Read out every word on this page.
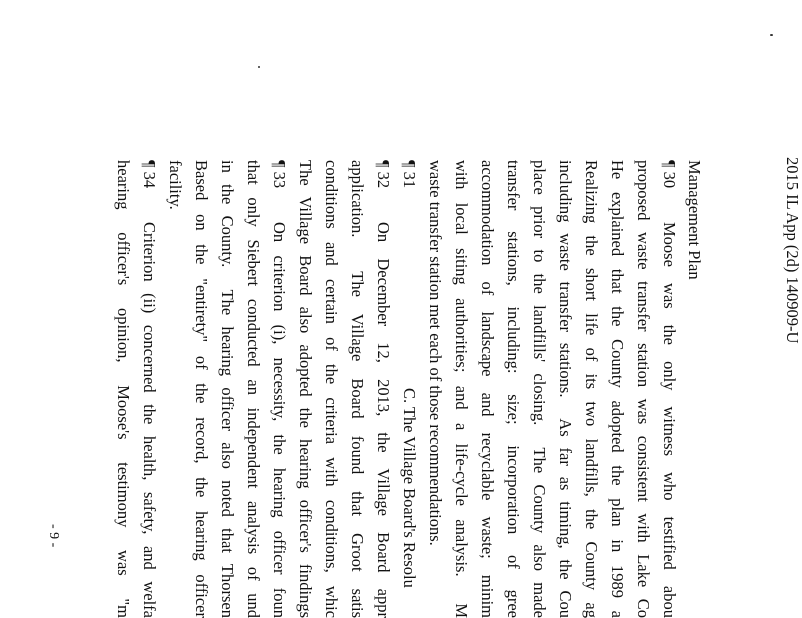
2015 IL App (2d) 140909-U
Management Plan
¶ 30
Moose was the only witness who testified abou
proposed waste transfer station was consistent with Lake Co
He explained that the County adopted the plan in 1989 a
Realizing the short life of its two landfills, the County ag
including waste transfer stations.  As far as timing, the Cou
place prior to the landfills' closing.  The County also made
transfer stations, including: size; incorporation of gree
accommodation of landscape and recyclable waste; minim
with local siting authorities; and a life-cycle analysis.  M
waste transfer station met each of those recommendations.
¶ 31
C. The Village Board's Resolu
¶ 32
On December 12, 2013, the Village Board appr
application.  The Village Board found that Groot satis
conditions and certain of the criteria with conditions, whic
The Village Board also adopted the hearing officer's findings
¶ 33
On criterion (i), necessity, the hearing officer foun
that only Siebert conducted an independent analysis of und
in the County.  The hearing officer also noted that Thorsen
Based on the "entirety" of the record, the hearing officer
facility.
¶ 34
Criterion (ii) concerned the health, safety, and welfa
hearing officer's opinion, Moose's testimony was "m
- 9 -
